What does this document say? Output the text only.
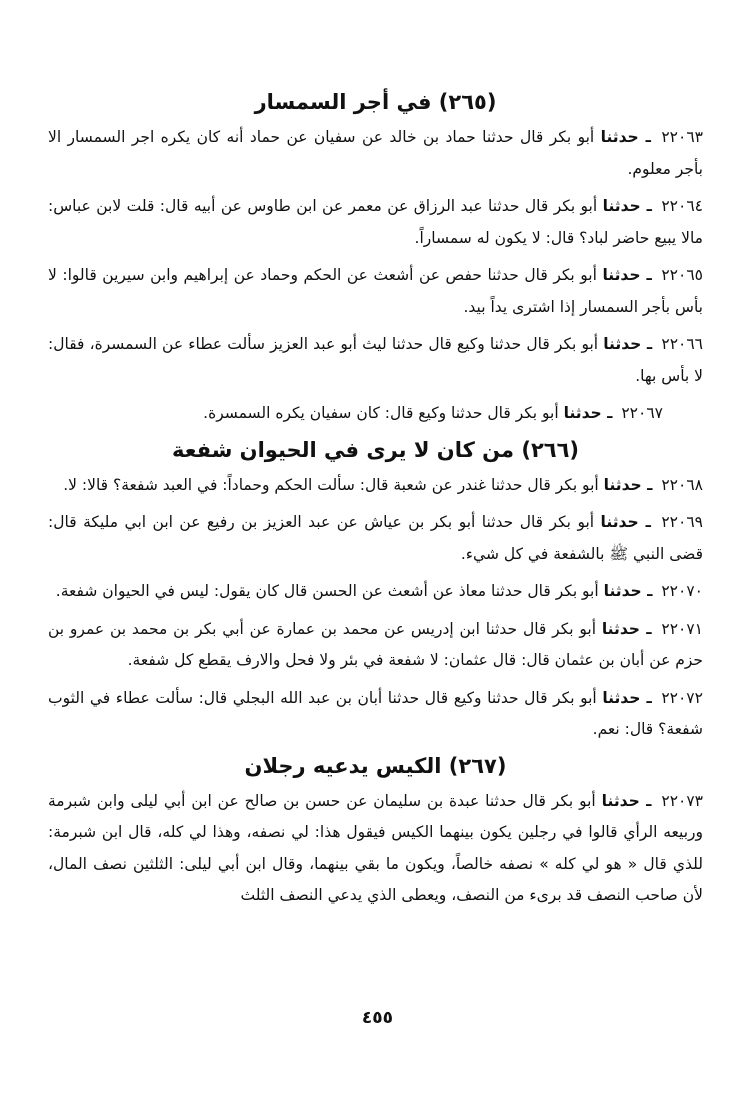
(٢٦٥) في أجر السمسار

٢٢٠٦٣ ـ حدثنا أبو بكر قال حدثنا حماد بن خالد عن سفيان عن حماد أنه كان يكره اجر السمسار الا بأجر معلوم.

٢٢٠٦٤ ـ حدثنا أبو بكر قال حدثنا عبد الرزاق عن معمر عن ابن طاوس عن أبيه قال: قلت لابن عباس: مالا يبيع حاضر لباد؟ قال: لا يكون له سمساراً.

٢٢٠٦٥ ـ حدثنا أبو بكر قال حدثنا حفص عن أشعث عن الحكم وحماد عن إبراهيم وابن سيرين قالوا: لا بأس بأجر السمسار إذا اشترى يداً بيد.

٢٢٠٦٦ ـ حدثنا أبو بكر قال حدثنا وكيع قال حدثنا ليث أبو عبد العزيز سألت عطاء عن السمسرة، فقال: لا بأس بها.

٢٢٠٦٧ ـ حدثنا أبو بكر قال حدثنا وكيع قال: كان سفيان يكره السمسرة.

(٢٦٦) من كان لا يرى في الحيوان شفعة

٢٢٠٦٨ ـ حدثنا أبو بكر قال حدثنا غندر عن شعبة قال: سألت الحكم وحماداً: في العبد شفعة؟ قالا: لا.

٢٢٠٦٩ ـ حدثنا أبو بكر قال حدثنا أبو بكر بن عياش عن عبد العزيز بن رفيع عن ابن ابي مليكة قال: قضى النبي ﷺ بالشفعة في كل شيء.

٢٢٠٧٠ ـ حدثنا أبو بكر قال حدثنا معاذ عن أشعث عن الحسن قال كان يقول: ليس في الحيوان شفعة.

٢٢٠٧١ ـ حدثنا أبو بكر قال حدثنا ابن إدريس عن محمد بن عمارة عن أبي بكر بن محمد بن عمرو بن حزم عن أبان بن عثمان قال: قال عثمان: لا شفعة في بئر ولا فحل والارف يقطع كل شفعة.

٢٢٠٧٢ ـ حدثنا أبو بكر قال حدثنا وكيع قال حدثنا أبان بن عبد الله البجلي قال: سألت عطاء في الثوب شفعة؟ قال: نعم.

(٢٦٧) الكيس يدعيه رجلان

٢٢٠٧٣ ـ حدثنا أبو بكر قال حدثنا عبدة بن سليمان عن حسن بن صالح عن ابن أبي ليلى وابن شبرمة وربيعه الرأي قالوا في رجلين يكون بينهما الكيس فيقول هذا: لي نصفه، وهذا لي كله، قال ابن شبرمة: للذي قال « هو لي كله » نصفه خالصاً، ويكون ما بقي بينهما، وقال ابن أبي ليلى: الثلثين نصف المال، لأن صاحب النصف قد برىء من النصف، ويعطى الذي يدعي النصف الثلث

٤٥٥
